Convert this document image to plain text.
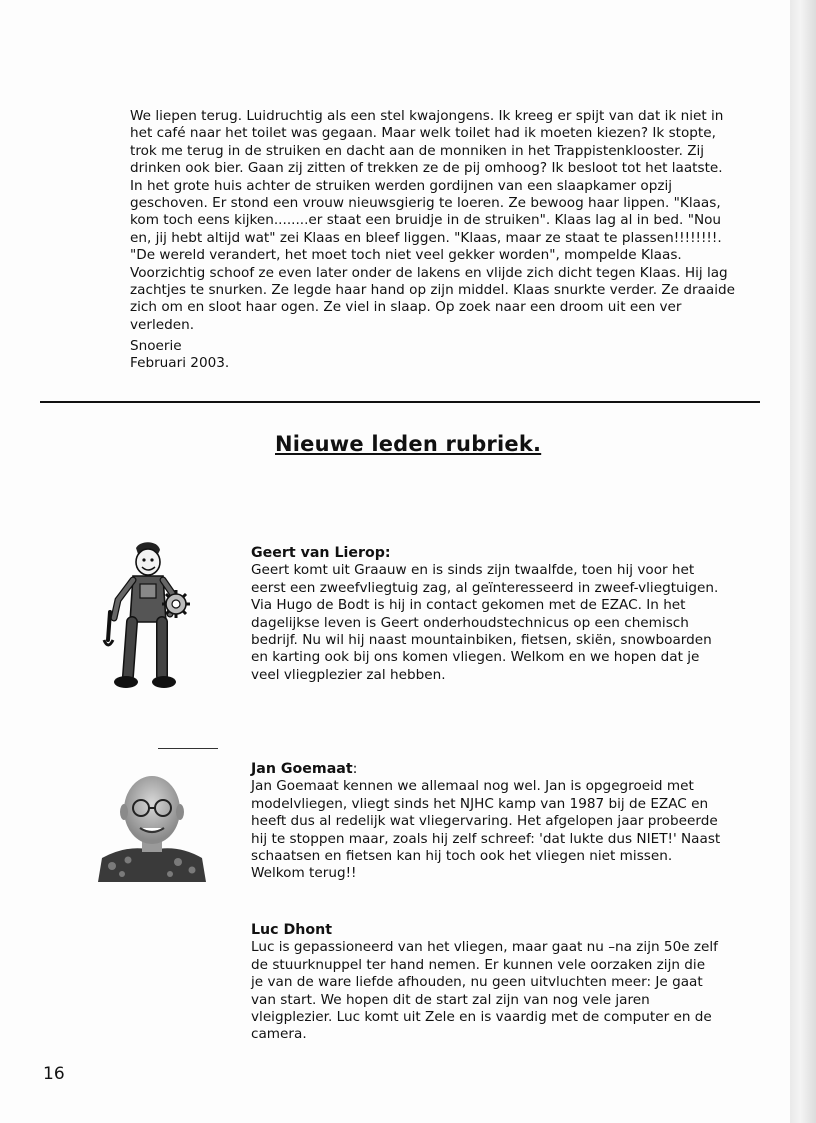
We liepen terug. Luidruchtig als een stel kwajongens. Ik kreeg er spijt van dat ik niet in het café naar het toilet was gegaan. Maar welk toilet had ik moeten kiezen? Ik stopte, trok me terug in de struiken en dacht aan de monniken in het Trappistenklooster. Zij drinken ook bier. Gaan zij zitten of trekken ze de pij omhoog? Ik besloot tot het laatste.

In het grote huis achter de struiken werden gordijnen van een slaapkamer opzij geschoven. Er stond een vrouw nieuwsgierig te loeren. Ze bewoog haar lippen. "Klaas, kom toch eens kijken........er staat een bruidje in de struiken". Klaas lag al in bed. "Nou en, jij hebt altijd wat" zei Klaas en bleef liggen. "Klaas, maar ze staat te plassen!!!!!!!!. "De wereld verandert, het moet toch niet veel gekker worden", mompelde Klaas.

Voorzichtig schoof ze even later onder de lakens en vlijde zich dicht tegen Klaas. Hij lag zachtjes te snurken. Ze legde haar hand op zijn middel. Klaas snurkte verder. Ze draaide zich om en sloot haar ogen. Ze viel in slaap. Op zoek naar een droom uit een ver verleden.

Snoerie
Februari 2003.
Nieuwe leden rubriek.

Geert van Lierop:

Geert komt uit Graauw en is sinds zijn twaalfde, toen hij voor het eerst een zweefvliegtuig zag, al geïnteresseerd in zweef-vliegtuigen. Via Hugo de Bodt is hij in contact gekomen met de EZAC. In het dagelijkse leven is Geert onderhoudstechnicus op een chemisch bedrijf. Nu wil hij naast mountainbiken, fietsen, skiën, snowboarden en karting ook bij ons komen vliegen. Welkom en we hopen dat je veel vliegplezier zal hebben.

Jan Goemaat:

Jan Goemaat kennen we allemaal nog wel. Jan is opgegroeid met modelvliegen, vliegt sinds het NJHC kamp van 1987 bij de EZAC en heeft dus al redelijk wat vliegervaring. Het afgelopen jaar probeerde hij te stoppen maar, zoals hij zelf schreef: 'dat lukte dus NIET!' Naast schaatsen en fietsen kan hij toch ook het vliegen niet missen. Welkom terug!!

Luc Dhont

Luc is gepassioneerd van het vliegen, maar gaat nu –na zijn 50e zelf de stuurknuppel ter hand nemen. Er kunnen vele oorzaken zijn die je van de ware liefde afhouden, nu geen uitvluchten meer: Je gaat van start. We hopen dit de start zal zijn van nog vele jaren vleigplezier. Luc komt uit Zele en is vaardig met de computer en de camera.

16
